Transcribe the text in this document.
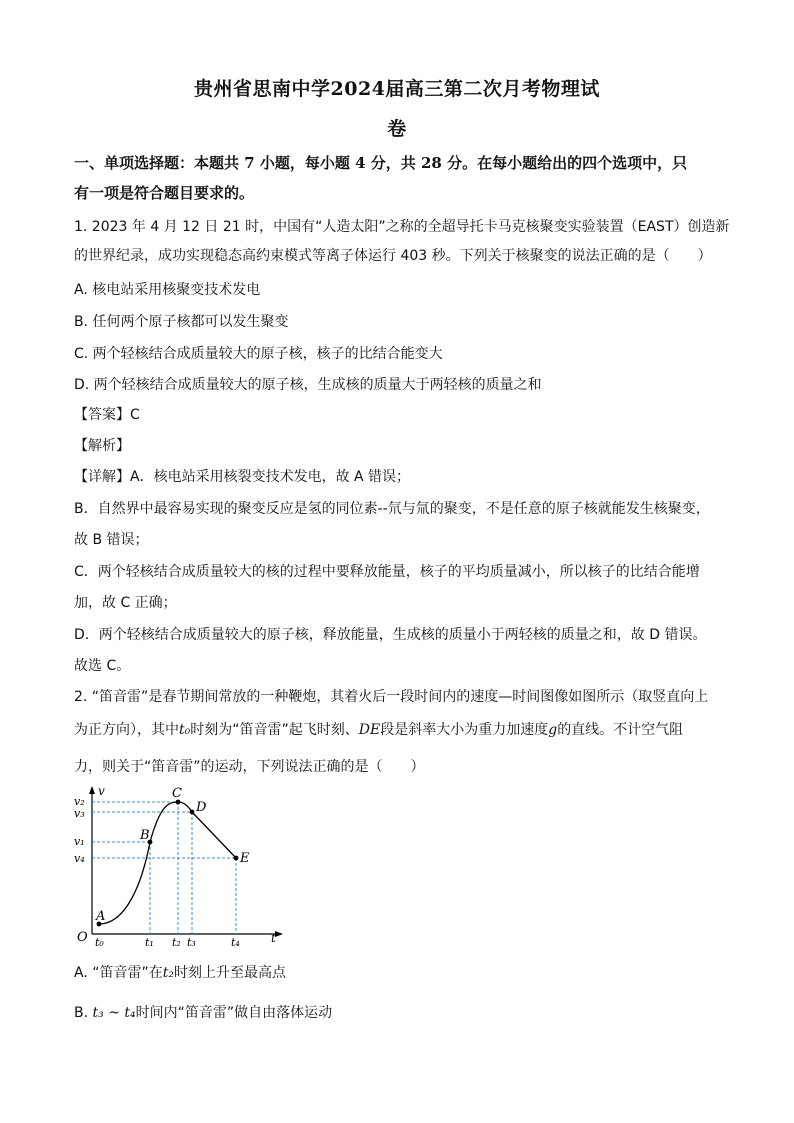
贵州省思南中学2024届高三第二次月考物理试
卷
一、单项选择题：本题共 7 小题，每小题 4 分，共 28 分。在每小题给出的四个选项中，只
有一项是符合题目要求的。
1. 2023 年 4 月 12 日 21 时，中国有“人造太阳”之称的全超导托卡马克核聚变实验装置（EAST）创造新
的世界纪录，成功实现稳态高约束模式等离子体运行 403 秒。下列关于核聚变的说法正确的是（　　）
A. 核电站采用核聚变技术发电
B. 任何两个原子核都可以发生聚变
C. 两个轻核结合成质量较大的原子核，核子的比结合能变大
D. 两个轻核结合成质量较大的原子核，生成核的质量大于两轻核的质量之和
【答案】C
【解析】
【详解】A．核电站采用核裂变技术发电，故 A 错误；
B．自然界中最容易实现的聚变反应是氢的同位素--氘与氚的聚变，不是任意的原子核就能发生核聚变，
故 B 错误；
C．两个轻核结合成质量较大的核的过程中要释放能量，核子的平均质量减小，所以核子的比结合能增
加，故 C 正确；
D．两个轻核结合成质量较大的原子核，释放能量，生成核的质量小于两轻核的质量之和，故 D 错误。
故选 C。
2. “笛音雷”是春节期间常放的一种鞭炮，其着火后一段时间内的速度—时间图像如图所示（取竖直向上
为正方向），其中t₀时刻为“笛音雷”起飞时刻、DE段是斜率大小为重力加速度g的直线。不计空气阻
力，则关于“笛音雷”的运动，下列说法正确的是（　　）
v
t
O
v₂
v₃
v₁
v₄
t₀	t₁ t₂ t₃	t₄
A
B
C
D
E
A. “笛音雷”在t₂时刻上升至最高点
B. t₃ ~ t₄时间内“笛音雷”做自由落体运动
